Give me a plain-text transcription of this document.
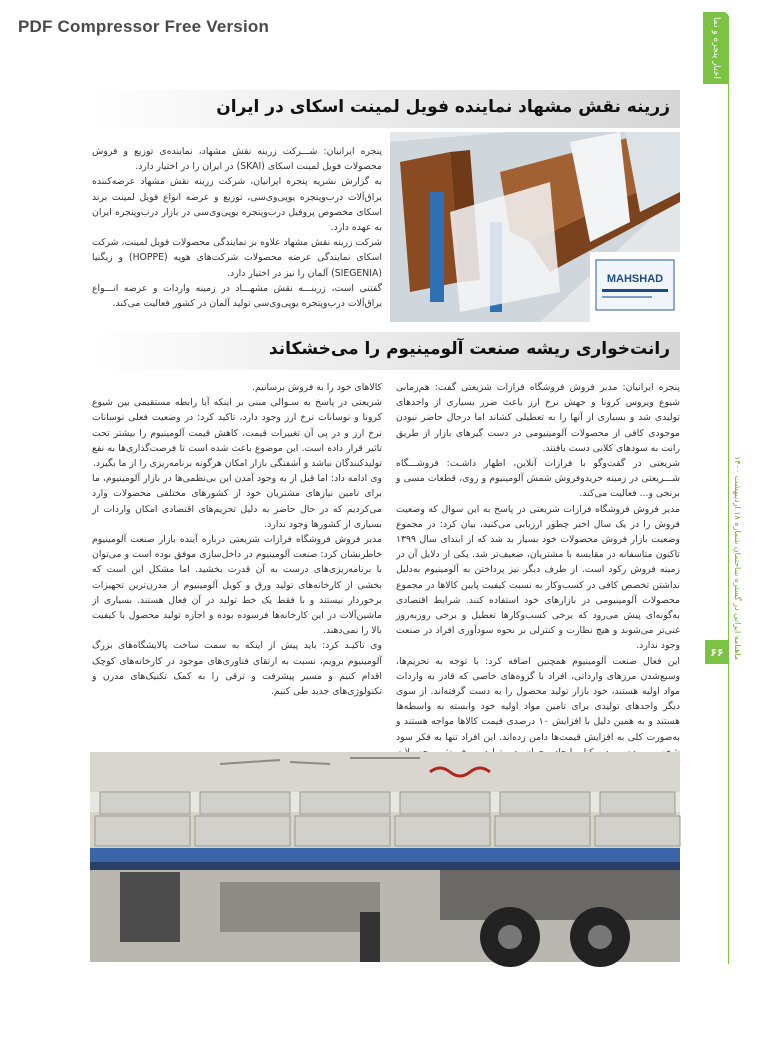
PDF Compressor Free Version	اخبار پنجره و نما
ماهنامه ایرانی در گستره ساختمان شماره ۱۸ اردیبهشت ۱۴۰۰
۶۶
زرینه نقش مشهاد نماینده فویل لمینت اسکای در ایران
MAHSHAD

پنجره ایرانیان: شـــرکت زرینه نقش مشهاد، نماینده‌ی توزیع و فروش محصولات فویل لمینت اسکای (SKAI) در ایران را در اختیار دارد.

به گزارش نشریه پنجره ایرانیان، شرکت زرینه نقش مشهاد عرضه‌کننده یراق‌آلات درب‌وپنجره یوپی‌وی‌سی، توزیع و عرضه انواع فویل لمینت برند اسکای مخصوص پروفیل درب‌وپنجره یوپی‌وی‌سی در بازار درب‌وپنجره ایران به عهده دارد.

شرکت زرینه نقش مشهاد علاوه بر نمایندگی محصولات فویل لمینت، شرکت اسکای نمایندگی عرضه محصولات شرکت‌های هوپه (HOPPE) و زیگنیا (SIEGENIA) آلمان را نیز در اختیار دارد.

گفتنی است، زرینـــه نقش مشهـــاد در زمینه واردات و عرضه انـــواع یراق‌آلات درب‌وپنجره یوپی‌وی‌سی تولید آلمان در کشور فعالیت می‌کند.

رانت‌خواری ریشه صنعت آلومینیوم را می‌خشکاند

پنجره ایرانیان: مدیر فروش فروشگاه فرازات شریعتی گفت: هم‌زمانی شیوع ویروس کرونا و جهش نرخ ارز باعث ضرر بسیاری از واحدهای تولیدی شد و بسیاری از آنها را به تعطیلی کشاند اما درحال حاضر نبودن موجودی کافی از محصولات آلومینیومی در دست گیرهای بازار از طریق رانت به سودهای کلانی دست یافتند.

شریعتی در گفت‌وگو با فرازات آنلاین، اظهار داشـت: فروشـــگاه شـــریعتی در زمینه خریدوفروش شمش آلومینیوم و روی، قطعات مسی و برنجی و... فعالیت می‌کند.

مدیر فروش فروشگاه فرازات شریعتی در پاسخ به این سوال که وضعیت فروش را در یک سال اخیر چطور ارزیابی می‌کنید، بیان کرد: در مجموع وضعیت بازار فروش محصولات خود بسیار بد شد که از ابتدای سال ۱۳۹۹ تاکنون متاسفانه در مقایسه با مشتریان، ضعیف‌تر شد. یکی از دلایل آن در زمینه فروش رکود است. از طرف دیگر نیز پرداختن به آلومینیوم به‌دلیل نداشتن تخصص کافی در کسب‌وکار به نسبت کیفیت پایین کالاها در مجموع محصولات آلومینیومی در بازارهای خود استفاده کنند. شرایط اقتصادی به‌گونه‌ای پیش می‌رود که برخی کسب‌وکارها تعطیل و برخی روزبه‌روز غنی‌تر می‌شوند و هیچ نظارت و کنترلی بر نحوه سودآوری افراد در صنعت وجود ندارد.

این فعال صنعت آلومینیوم همچنین اضافه کرد: با توجه به تحریم‌ها، وسیع‌شدن مرزهای وارداتی، افراد با گروه‌های خاصی که قادر به واردات مواد اولیه هستند، خود بازار تولید محصول را به دست گرفته‌اند. از سوی دیگر واحدهای تولیدی برای تامین مواد اولیه خود وابسته به واسطه‌ها هستند و به همین دلیل با افزایش ۱۰ درصدی قیمت کالاها مواجه هستند و به‌صورت کلی به افزایش قیمت‌ها دامن زده‌اند. این افراد تنها به فکر سود

کالاهای خود را به فروش برسانیم.

شریعتی در پاسخ به سـوالی مبنی بر اینکه آیا رابطه مستقیمی بین شیوع کرونا و نوسانات نرخ ارز وجود دارد، تاکید کرد: در وضعیت فعلی نوسانات نرخ ارز و در پی آن تغییرات قیمت، کاهش قیمت آلومینیوم را بیشتر تحت تاثیر قرار داده است. این موضوع باعث شده است تا فرصت‌گذاری‌ها به نفع تولیدکنندگان نباشد و آشفتگی بازار امکان هرگونه برنامه‌ریزی را از ما بگیرد.

وی ادامه داد: اما قبل از به وجود آمدن این بی‌نظمی‌ها در بازار آلومینیوم، ما برای تامین نیازهای مشتریان خود از کشورهای مختلفی محصولات وارد می‌کردیم که در حال حاضر به دلیل تحریم‌های اقتصادی امکان واردات از بسیاری از کشورها وجود ندارد.

مدیر فروش فروشگاه فرازات شریعتی درباره آینده بازار صنعت آلومینیوم خاطرنشان کرد: صنعت آلومینیوم در داخل‌سازی موفق بوده است و می‌توان با برنامه‌ریزی‌های درست به آن قدرت بخشید. اما مشکل این است که بخشی از کارخانه‌های تولید ورق و کویل آلومینیوم از مدرن‌ترین تجهیزات برخوردار نیستند و با فقط یک خط تولید در آن فعال هستند. بسیاری از ماشین‌آلات در این کارخانه‌ها فرسوده بوده و اجازه تولید محصول با کیفیت بالا را نمی‌دهند.

وی تاکیـد کرد: باید پیش از اینکه به سمت ساخت پالایشگاه‌های بزرگ آلومینیوم برویم، نسبت به ارتقای فناوری‌های موجود در کارخانه‌های کوچک اقدام کنیم و مسیر پیشرفت و ترقی را به کمک تکنیک‌های مدرن و تکنولوژی‌های جدید طی کنیم.
